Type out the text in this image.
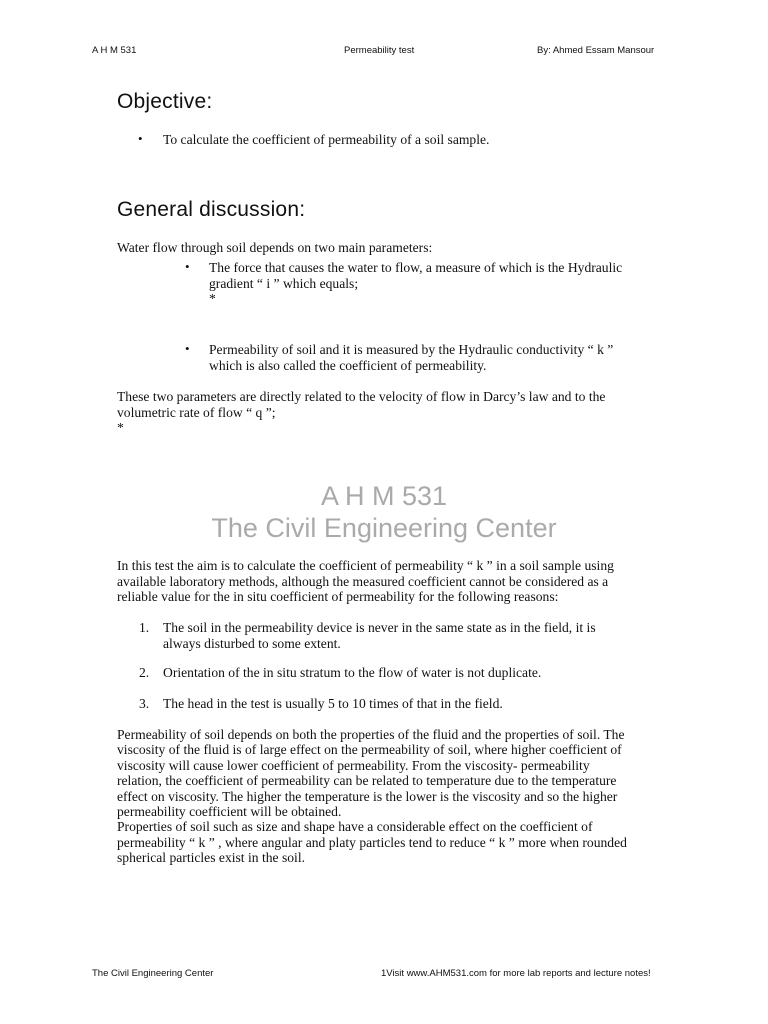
A H M 531	Permeability test	By: Ahmed Essam Mansour
Objective:
• To calculate the coefficient of permeability of a soil sample.
General discussion:
Water flow through soil depends on two main parameters:
• The force that causes the water to flow, a measure of which is the Hydraulic
gradient “ i ” which equals;
*
• Permeability of soil and it is measured by the Hydraulic conductivity “ k ”
which is also called the coefficient of permeability.
These two parameters are directly related to the velocity of flow in Darcy’s law and to the
volumetric rate of flow “ q ”;
*
A H M 531
The Civil Engineering Center
In this test the aim is to calculate the coefficient of permeability “ k ” in a soil sample using
available laboratory methods, although the measured coefficient cannot be considered as a
reliable value for the in situ coefficient of permeability for the following reasons:
1. The soil in the permeability device is never in the same state as in the field, it is
always disturbed to some extent.
2. Orientation of the in situ stratum to the flow of water is not duplicate.
3. The head in the test is usually 5 to 10 times of that in the field.
Permeability of soil depends on both the properties of the fluid and the properties of soil. The
viscosity of the fluid is of large effect on the permeability of soil, where higher coefficient of
viscosity will cause lower coefficient of permeability. From the viscosity- permeability
relation, the coefficient of permeability can be related to temperature due to the temperature
effect on viscosity. The higher the temperature is the lower is the viscosity and so the higher
permeability coefficient will be obtained.
Properties of soil such as size and shape have a considerable effect on the coefficient of
permeability “ k ” , where angular and platy particles tend to reduce “ k ” more when rounded
spherical particles exist in the soil.
The Civil Engineering Center	1Visit www.AHM531.com for more lab reports and lecture notes!
